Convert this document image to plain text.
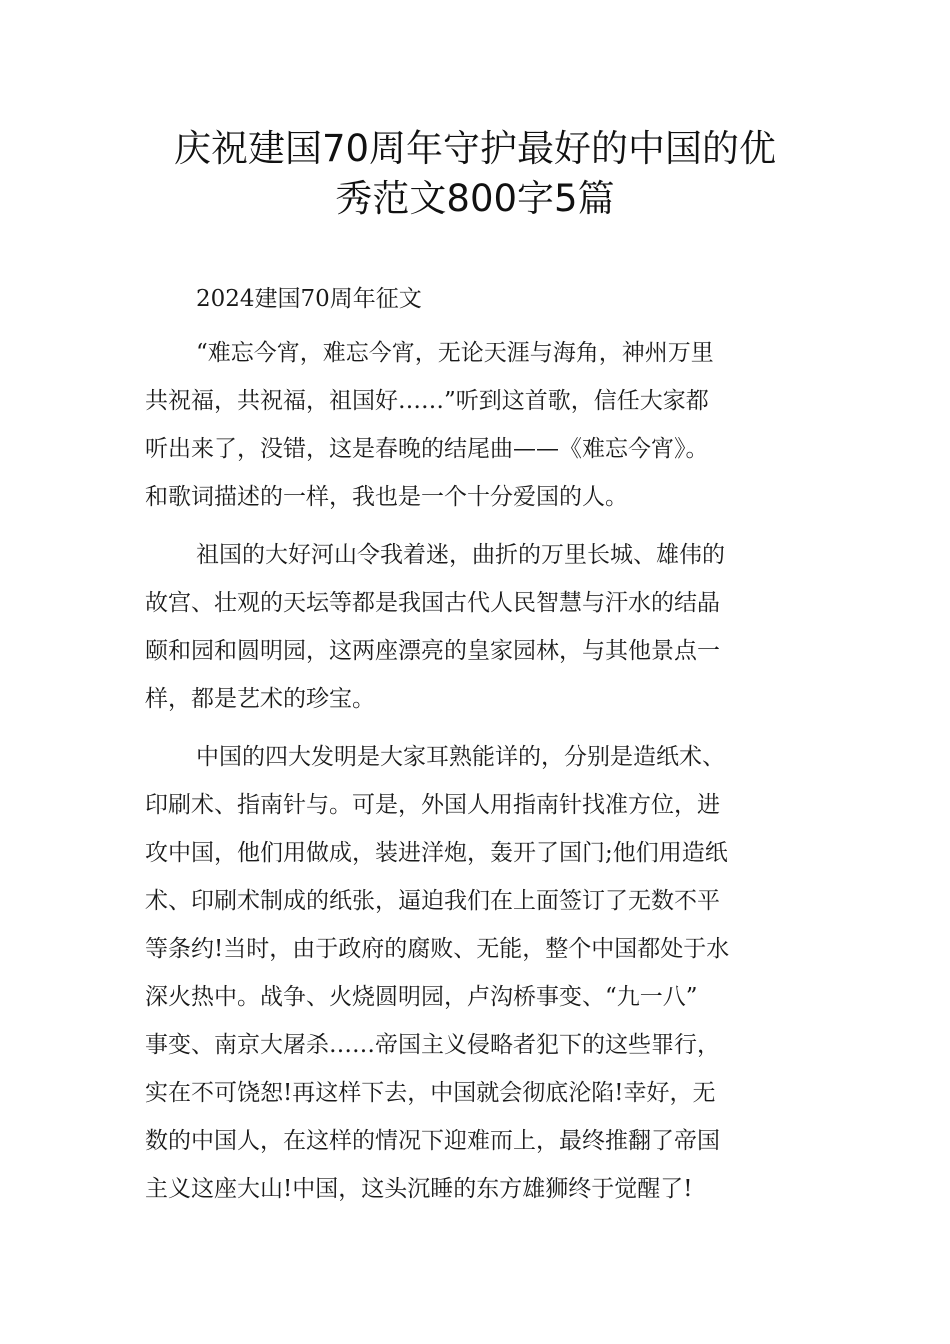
庆祝建国70周年守护最好的中国的优
秀范文800字5篇
2024建国70周年征文

“难忘今宵，难忘今宵，无论天涯与海角，神州万里
共祝福，共祝福，祖国好……”听到这首歌，信任大家都
听出来了，没错，这是春晚的结尾曲——《难忘今宵》。
和歌词描述的一样，我也是一个十分爱国的人。

祖国的大好河山令我着迷，曲折的万里长城、雄伟的
故宫、壮观的天坛等都是我国古代人民智慧与汗水的结晶
颐和园和圆明园，这两座漂亮的皇家园林，与其他景点一
样，都是艺术的珍宝。

中国的四大发明是大家耳熟能详的，分别是造纸术、
印刷术、指南针与。可是，外国人用指南针找准方位，进
攻中国，他们用做成，装进洋炮，轰开了国门;他们用造纸
术、印刷术制成的纸张，逼迫我们在上面签订了无数不平
等条约!当时，由于政府的腐败、无能，整个中国都处于水
深火热中。战争、火烧圆明园，卢沟桥事变、“九一八”
事变、南京大屠杀……帝国主义侵略者犯下的这些罪行，
实在不可饶恕!再这样下去，中国就会彻底沦陷!幸好，无
数的中国人，在这样的情况下迎难而上，最终推翻了帝国
主义这座大山!中国，这头沉睡的东方雄狮终于觉醒了!
